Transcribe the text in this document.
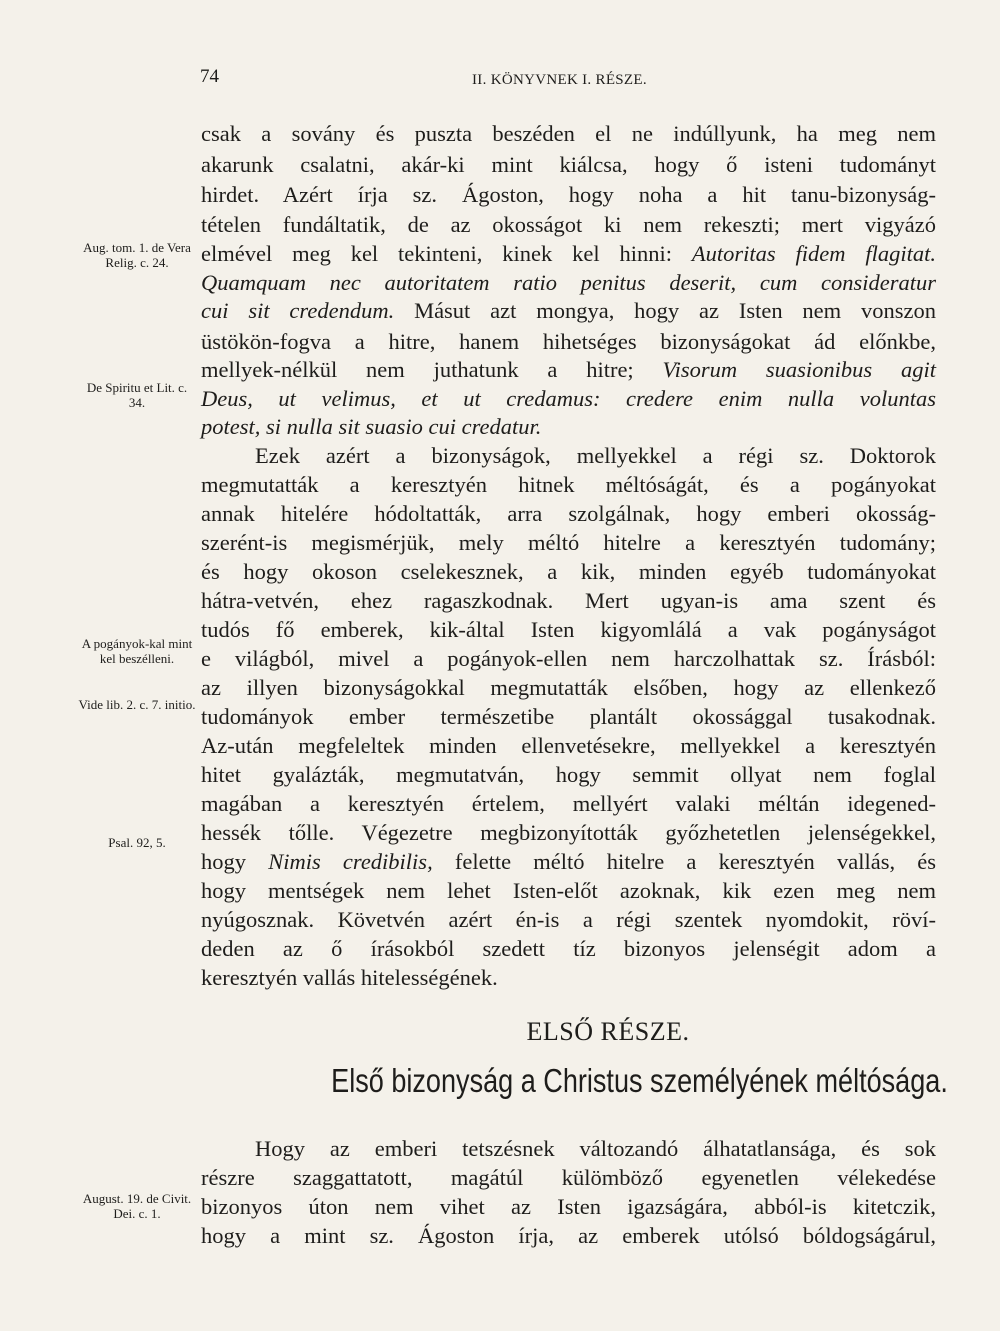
74	II. KÖNYVNEK I. RÉSZE.
Aug. tom. 1. de Vera Relig. c. 24.
De Spiritu et Lit. c. 34.
A pogányok-kal mint kel beszélleni.
Vide lib. 2. c. 7. initio.
Psal. 92, 5.
August. 19. de Civit. Dei. c. 1.
csak a sovány és puszta beszéden el ne indúllyunk, ha meg nem
akarunk csalatni, akár-ki mint kiálcsa, hogy ő isteni tudományt
hirdet. Azért írja sz. Ágoston, hogy noha a hit tanu-bizonyság-
tételen fundáltatik, de az okosságot ki nem rekeszti; mert vigyázó
elmével meg kel tekinteni, kinek kel hinni: Autoritas fidem flagitat.
Quamquam nec autoritatem ratio penitus deserit, cum consideratur
cui sit credendum. Másut azt mongya, hogy az Isten nem vonszon
üstökön-fogva a hitre, hanem hihetséges bizonyságokat ád előnkbe,
mellyek-nélkül nem juthatunk a hitre; Visorum suasionibus agit
Deus, ut velimus, et ut credamus: credere enim nulla voluntas
potest, si nulla sit suasio cui credatur.
Ezek azért a bizonyságok, mellyekkel a régi sz. Doktorok
megmutatták a keresztyén hitnek méltóságát, és a pogányokat
annak hitelére hódoltatták, arra szolgálnak, hogy emberi okosság-
szerént-is megismérjük, mely méltó hitelre a keresztyén tudomány;
és hogy okoson cselekesznek, a kik, minden egyéb tudományokat
hátra-vetvén, ehez ragaszkodnak. Mert ugyan-is ama szent és
tudós fő emberek, kik-által Isten kigyomlálá a vak pogányságot
e világból, mivel a pogányok-ellen nem harczolhattak sz. Írásból:
az illyen bizonyságokkal megmutatták elsőben, hogy az ellenkező
tudományok ember természetibe plantált okossággal tusakodnak.
Az-után megfeleltek minden ellenvetésekre, mellyekkel a keresztyén
hitet gyalázták, megmutatván, hogy semmit ollyat nem foglal
magában a keresztyén értelem, mellyért valaki méltán idegened-
hessék tőlle. Végezetre megbizonyították győzhetetlen jelenségekkel,
hogy Nimis credibilis, felette méltó hitelre a keresztyén vallás, és
hogy mentségek nem lehet Isten-előt azoknak, kik ezen meg nem
nyúgosznak. Követvén azért én-is a régi szentek nyomdokit, röví-
deden az ő írásokból szedett tíz bizonyos jelenségit adom a
keresztyén vallás hitelességének.
ELSŐ RÉSZE.
Első bizonyság a Christus személyének méltósága.
Hogy az emberi tetszésnek változandó álhatatlansága, és sok
részre szaggattatott, magátúl külömböző egyenetlen vélekedése
bizonyos úton nem vihet az Isten igazságára, abból-is kitetczik,
hogy a mint sz. Ágoston írja, az emberek utólsó bóldogságárul,
